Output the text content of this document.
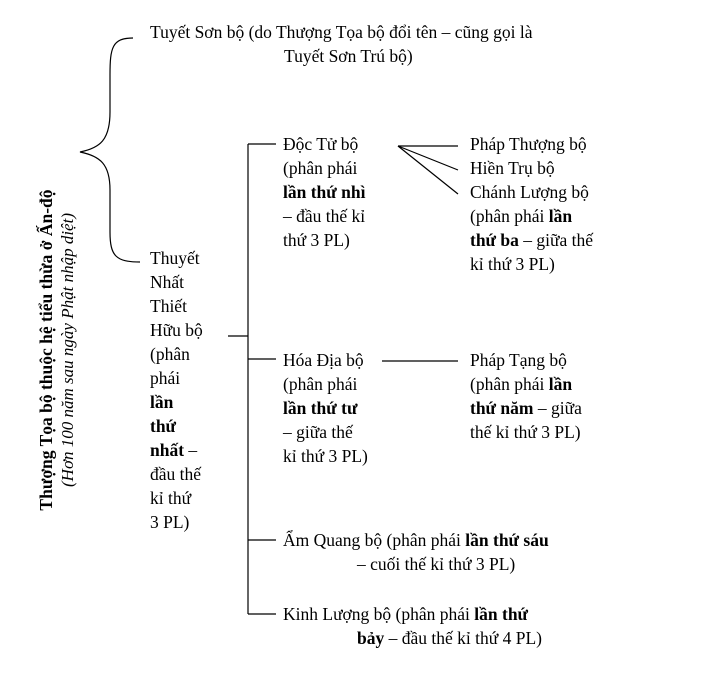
Thượng Tọa bộ thuộc hệ tiểu thừa ở Ấn-độ (Hơn 100 năm sau ngày Phật nhập diệt)
Tuyết Sơn bộ (do Thượng Tọa bộ đổi tên – cũng gọi là
Tuyết Sơn Trú bộ)
Thuyết
Nhất
Thiết
Hữu bộ
(phân
phái
lần
thứ
nhất –
đầu thế
kỉ thứ
3 PL)
Độc Tử bộ
(phân phái
lần thứ nhì
– đầu thế kỉ
thứ 3 PL)
Pháp Thượng bộ
Hiền Trụ bộ
Chánh Lượng bộ
(phân phái lần
thứ ba – giữa thế
kỉ thứ 3 PL)
Hóa Địa bộ
(phân phái
lần thứ tư
– giữa thế
kỉ thứ 3 PL)
Pháp Tạng bộ
(phân phái lần
thứ năm – giữa
thế kỉ thứ 3 PL)
Ẩm Quang bộ (phân phái lần thứ sáu
– cuối thế kỉ thứ 3 PL)
Kinh Lượng bộ (phân phái lần thứ
bảy – đầu thế kỉ thứ 4 PL)
